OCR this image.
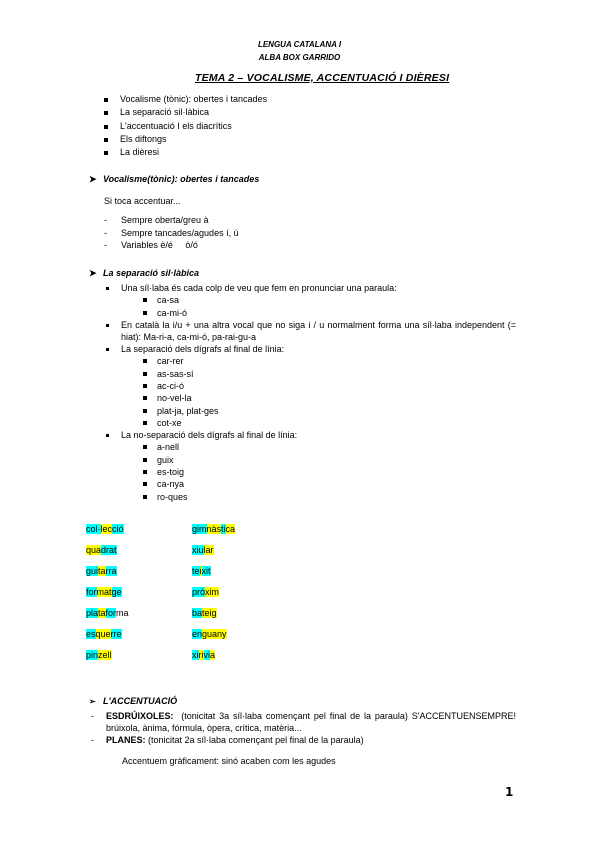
LENGUA CATALANA I
ALBA BOX GARRIDO
TEMA 2 – VOCALISME, ACCENTUACIÓ I DIÈRESI
Vocalisme (tònic): obertes i tancades
La separació sil·làbica
L'accentuació I els diacrítics
Els diftongs
La dièresi
➤ Vocalisme(tònic): obertes i tancades
Si toca accentuar...
- Sempre oberta/greu à
- Sempre tancades/agudes í, ú
- Variables è/é     ò/ó
➤ La separació sil·làbica
Una síl·laba és cada colp de veu que fem en pronunciar una paraula:
ca-sa
ca-mi-ó
En català la i/u + una altra vocal que no siga i / u normalment forma una síl·laba independent (= hiat): Ma-ri-a, ca-mi-ó, pa-rai-gu-a
La separació dels dígrafs al final de línia:
car-rer
as-sas-sí
ac-ci-ó
no-vel-la
plat-ja, plat-ges
cot-xe
La no-separació dels dígrafs al final de línia:
a-nell
guix
es-toig
ca-nya
ro-ques
col·lecció	gimnàstica
quadrat	xiular
guitarra	teixit
formatge	pròxim
plataforma	bateig
esquerre	enguany
pinzell	xirivia
➢ L'ACCENTUACIÓ
- ESDRÚIXOLES:  (tonicitat 3a síl·laba començant pel final de la paraula) S'ACCENTUENSEMPRE! brúixola, ànima, fórmula, òpera, crítica, matèria...
- PLANES: (tonicitat 2a síl·laba començant pel final de la paraula)
Accentuem gràficament: sinó acaben com les agudes
1
